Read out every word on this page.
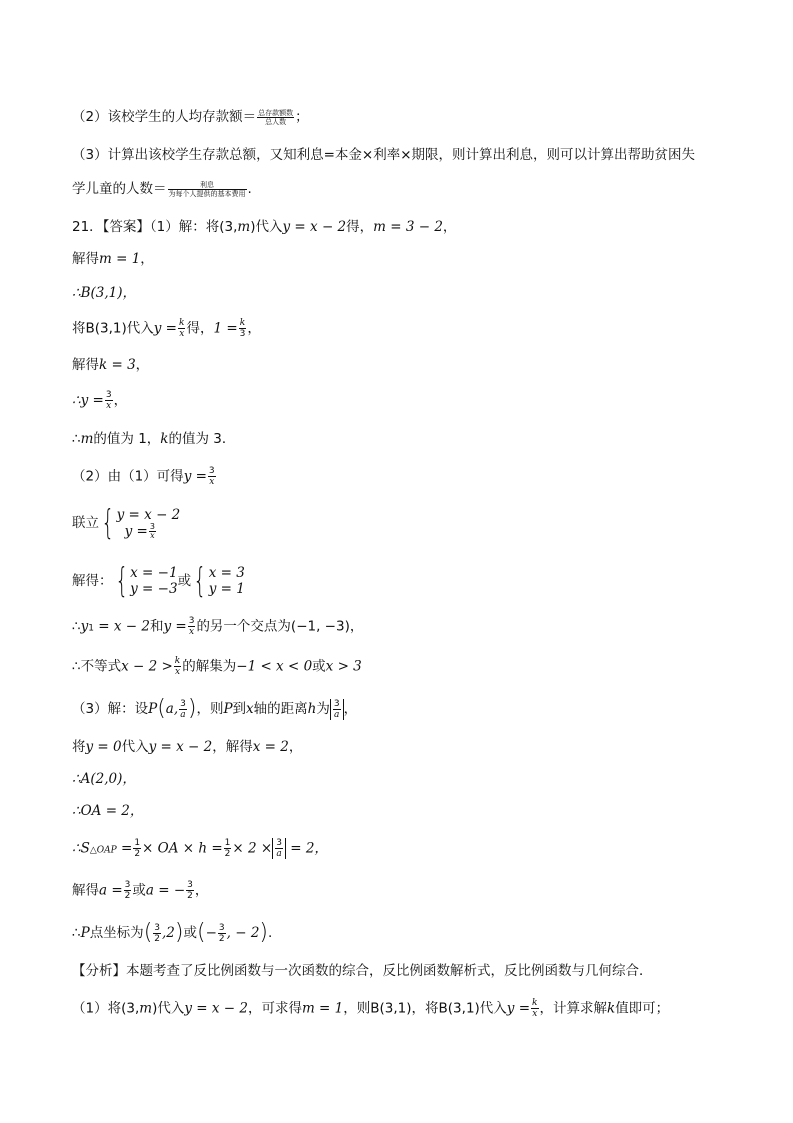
（2）该校学生的人均存款额＝ $\frac{\text{总存款额数}}{\text{总人数}}$ ；
（3）计算出该校学生存款总额，又知利息=本金×利率×期限，则计算出利息，则可以计算出帮助贫困失
学儿童的人数＝ $\frac{\text{利息}}{\text{为每个人提供的基本费用}}$ .
21．【答案】（1）解：将(3,m)代入y = x − 2得，m = 3 − 2，
解得m = 1，
∴B(3,1)，
将B(3,1)代入$y = \frac{k}{x}$ 得，$1 = \frac{k}{3}$ ，
解得k = 3，
∴y = $\frac{3}{x}$ ，
∴m的值为 1，k的值为 3．
（2）由（1）可得$y = \frac{3}{x}$
联立{ y = x − 2
$y = \frac{3}{x}$
解得：{ x = −1
y = −3 或{ x = 3
y = 1
∴y1 = x − 2和$y = \frac{3}{x}$ 的另一个交点为(−1, −3)，
∴不等式$x - 2 > \frac{k}{x}$ 的解集为−1 < x < 0或x > 3
（3）解：设P(a, $\frac{3}{a}$ )，则P到x轴的距离h为 $\frac{3}{a}$ ，
将y = 0代入y = x − 2，解得x = 2，
∴A(2,0)，
∴OA = 2，
∴S△OAP = $\frac{1}{2}$ × OA × $h = \frac{1}{2} \times 2 \times \frac{3}{a} = 2$，
解得$a = \frac{3}{2}$ 或a = − $\frac{3}{2}$ ，
∴P点坐标为( $\frac{3}{2} ,2$)或(− $\frac{3}{2}$ , − 2).
【分析】本题考查了反比例函数与一次函数的综合，反比例函数解析式，反比例函数与几何综合．
（1）将(3,m)代入y = x − 2，可求得m = 1，则B(3,1)，将B(3,1)代入$y = \frac{k}{x}$ ，计算求解k值即可；
